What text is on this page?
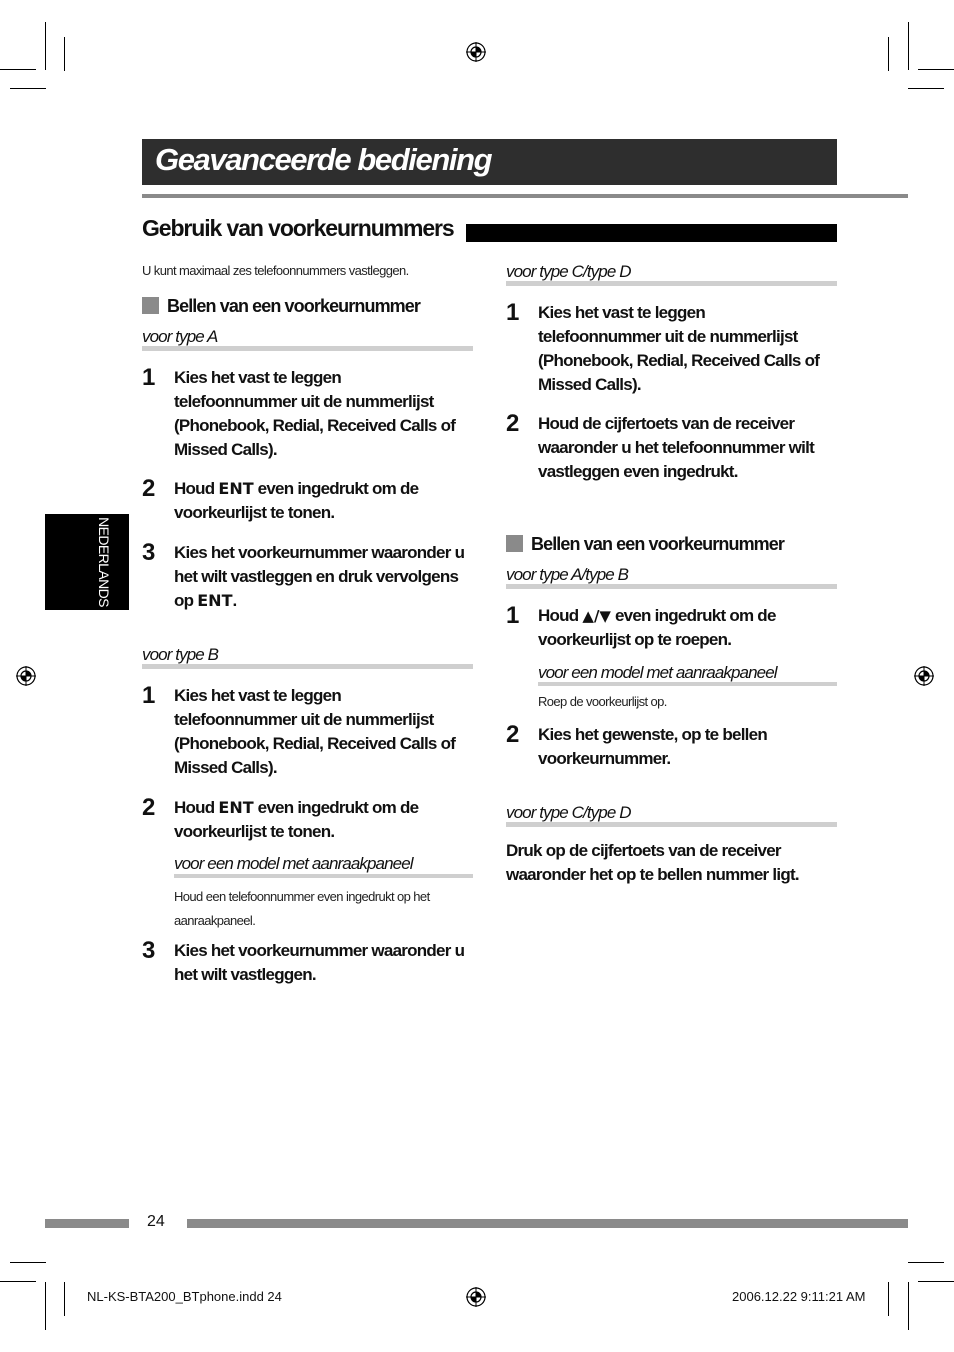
Geavanceerde bediening
Gebruik van voorkeurnummers
NEDERLANDS
U kunt maximaal zes telefoonnummers vastleggen.
Bellen van een voorkeurnummer
voor type A
1 Kies het vast te leggen
telefoonnummer uit de nummerlijst
(Phonebook, Redial, Received Calls of
Missed Calls).
2 Houd ENT even ingedrukt om de
voorkeurlijst te tonen.
3 Kies het voorkeurnummer waaronder u
het wilt vastleggen en druk vervolgens
op ENT.
voor type B
1 Kies het vast te leggen
telefoonnummer uit de nummerlijst
(Phonebook, Redial, Received Calls of
Missed Calls).
2 Houd ENT even ingedrukt om de
voorkeurlijst te tonen.
voor een model met aanraakpaneel
Houd een telefoonnummer even ingedrukt op het
aanraakpaneel.
3 Kies het voorkeurnummer waaronder u
het wilt vastleggen.
voor type C/type D
1 Kies het vast te leggen
telefoonnummer uit de nummerlijst
(Phonebook, Redial, Received Calls of
Missed Calls).
2 Houd de cijfertoets van de receiver
waaronder u het telefoonnummer wilt
vastleggen even ingedrukt.
Bellen van een voorkeurnummer
voor type A/type B
1 Houd ▲/▼ even ingedrukt om de
voorkeurlijst op te roepen.
voor een model met aanraakpaneel
Roep de voorkeurlijst op.
2 Kies het gewenste, op te bellen
voorkeurnummer.
voor type C/type D
Druk op de cijfertoets van de receiver
waaronder het op te bellen nummer ligt.
24
NL-KS-BTA200_BTphone.indd 24	2006.12.22 9:11:21 AM
